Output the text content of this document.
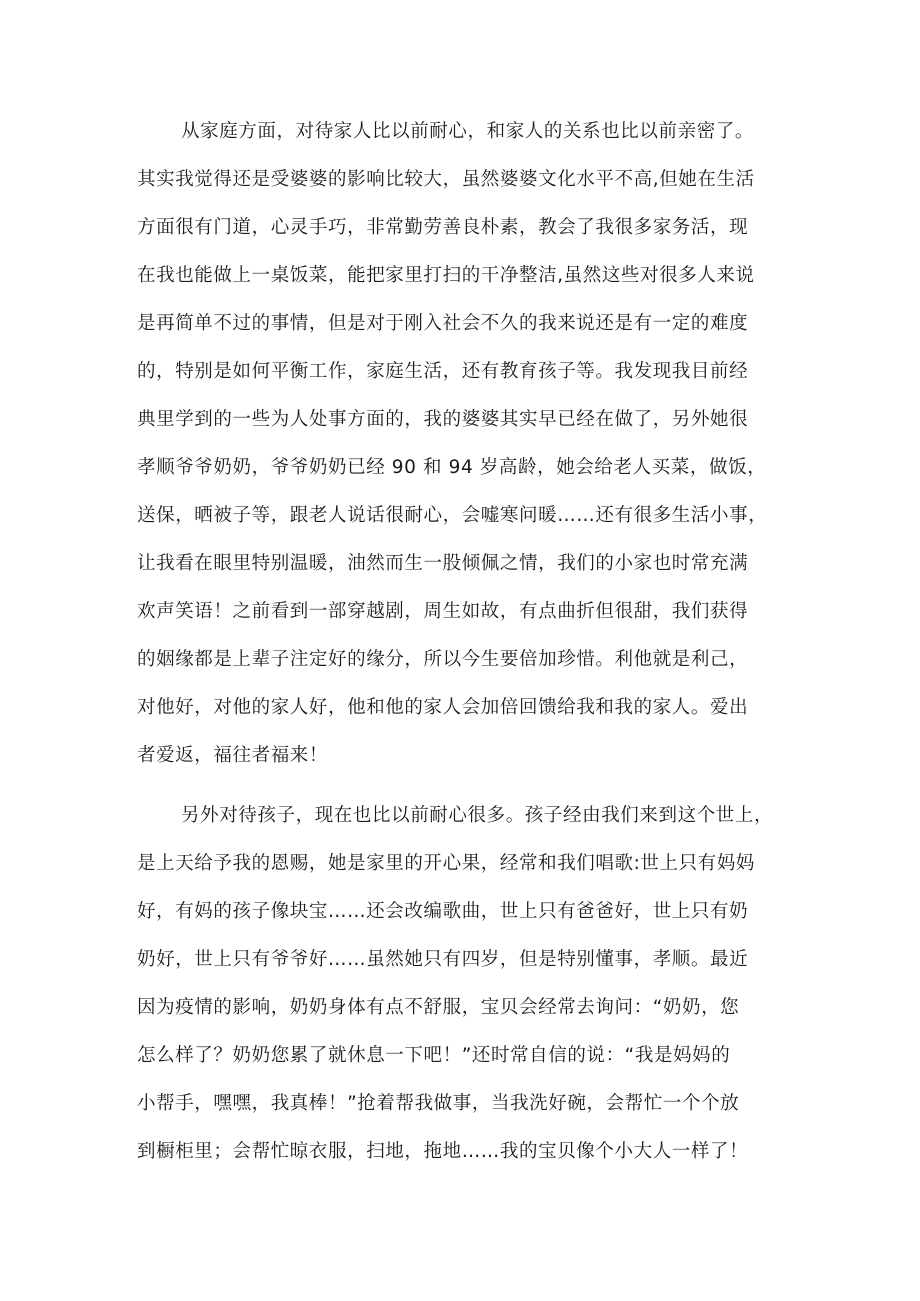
从家庭方面，对待家人比以前耐心，和家人的关系也比以前亲密了。
其实我觉得还是受婆婆的影响比较大，虽然婆婆文化水平不高,但她在生活
方面很有门道，心灵手巧，非常勤劳善良朴素，教会了我很多家务活，现
在我也能做上一桌饭菜，能把家里打扫的干净整洁,虽然这些对很多人来说
是再简单不过的事情，但是对于刚入社会不久的我来说还是有一定的难度
的，特别是如何平衡工作，家庭生活，还有教育孩子等。我发现我目前经
典里学到的一些为人处事方面的，我的婆婆其实早已经在做了，另外她很
孝顺爷爷奶奶，爷爷奶奶已经 90 和 94 岁高龄，她会给老人买菜，做饭，
送保，晒被子等，跟老人说话很耐心，会嘘寒问暖……还有很多生活小事，
让我看在眼里特别温暖，油然而生一股倾佩之情，我们的小家也时常充满
欢声笑语！之前看到一部穿越剧，周生如故，有点曲折但很甜，我们获得
的姻缘都是上辈子注定好的缘分，所以今生要倍加珍惜。利他就是利己，
对他好，对他的家人好，他和他的家人会加倍回馈给我和我的家人。爱出
者爱返，福往者福来！
另外对待孩子，现在也比以前耐心很多。孩子经由我们来到这个世上，
是上天给予我的恩赐，她是家里的开心果，经常和我们唱歌:世上只有妈妈
好，有妈的孩子像块宝……还会改编歌曲，世上只有爸爸好，世上只有奶
奶好，世上只有爷爷好……虽然她只有四岁，但是特别懂事，孝顺。最近
因为疫情的影响，奶奶身体有点不舒服，宝贝会经常去询问：“奶奶，您
怎么样了？奶奶您累了就休息一下吧！”还时常自信的说：“我是妈妈的
小帮手，嘿嘿，我真棒！”抢着帮我做事，当我洗好碗，会帮忙一个个放
到橱柜里；会帮忙晾衣服，扫地，拖地……我的宝贝像个小大人一样了！
